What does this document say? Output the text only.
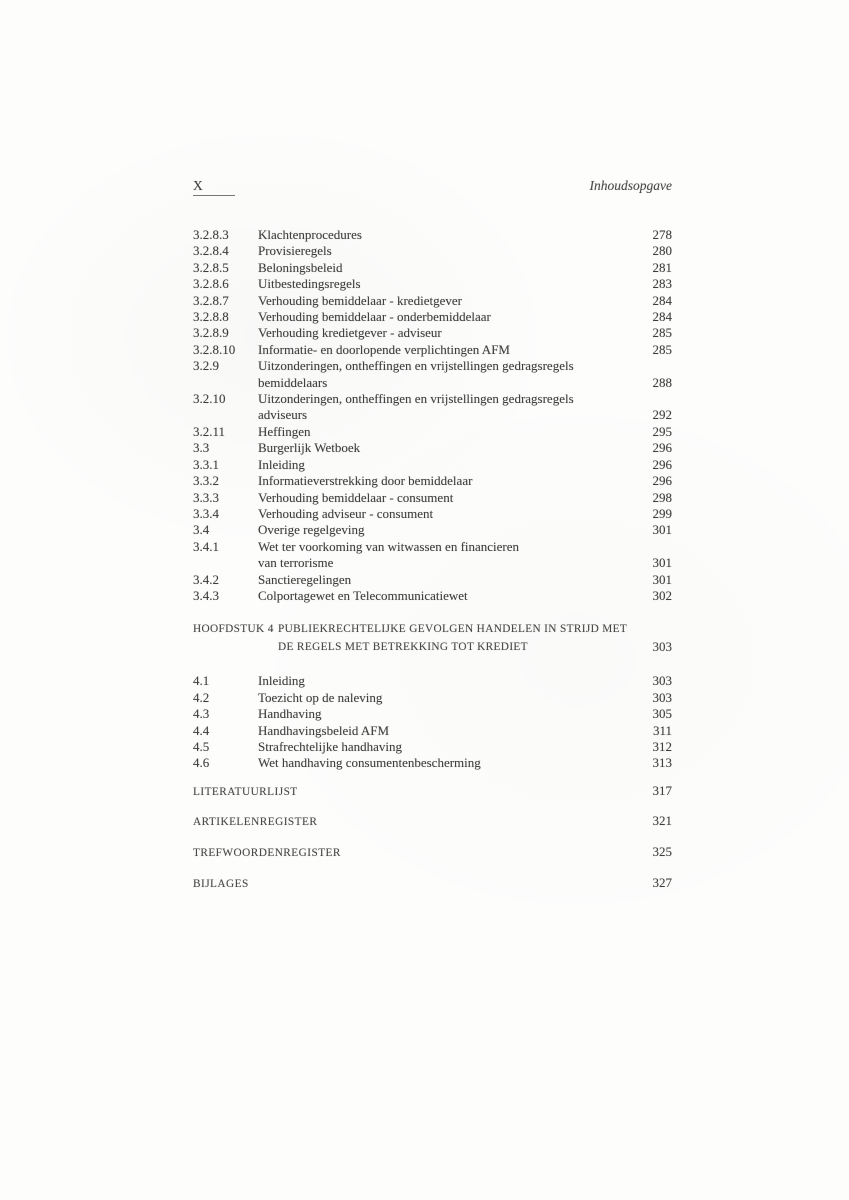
X	Inhoudsopgave
3.2.8.3	Klachtenprocedures	278
3.2.8.4	Provisieregels	280
3.2.8.5	Beloningsbeleid	281
3.2.8.6	Uitbestedingsregels	283
3.2.8.7	Verhouding bemiddelaar - kredietgever	284
3.2.8.8	Verhouding bemiddelaar - onderbemiddelaar	284
3.2.8.9	Verhouding kredietgever - adviseur	285
3.2.8.10	Informatie- en doorlopende verplichtingen AFM	285
3.2.9	Uitzonderingen, ontheffingen en vrijstellingen gedragsregels
bemiddelaars	288
3.2.10	Uitzonderingen, ontheffingen en vrijstellingen gedragsregels
adviseurs	292
3.2.11	Heffingen	295
3.3	Burgerlijk Wetboek	296
3.3.1	Inleiding	296
3.3.2	Informatieverstrekking door bemiddelaar	296
3.3.3	Verhouding bemiddelaar - consument	298
3.3.4	Verhouding adviseur - consument	299
3.4	Overige regelgeving	301
3.4.1	Wet ter voorkoming van witwassen en financieren
van terrorisme	301
3.4.2	Sanctieregelingen	301
3.4.3	Colportagewet en Telecommunicatiewet	302
HOOFDSTUK 4 PUBLIEKRECHTELIJKE GEVOLGEN HANDELEN IN STRIJD MET
DE REGELS MET BETREKKING TOT KREDIET	303
4.1	Inleiding	303
4.2	Toezicht op de naleving	303
4.3	Handhaving	305
4.4	Handhavingsbeleid AFM	311
4.5	Strafrechtelijke handhaving	312
4.6	Wet handhaving consumentenbescherming	313
LITERATUURLIJST	317
ARTIKELENREGISTER	321
TREFWOORDENREGISTER	325
BIJLAGES	327
